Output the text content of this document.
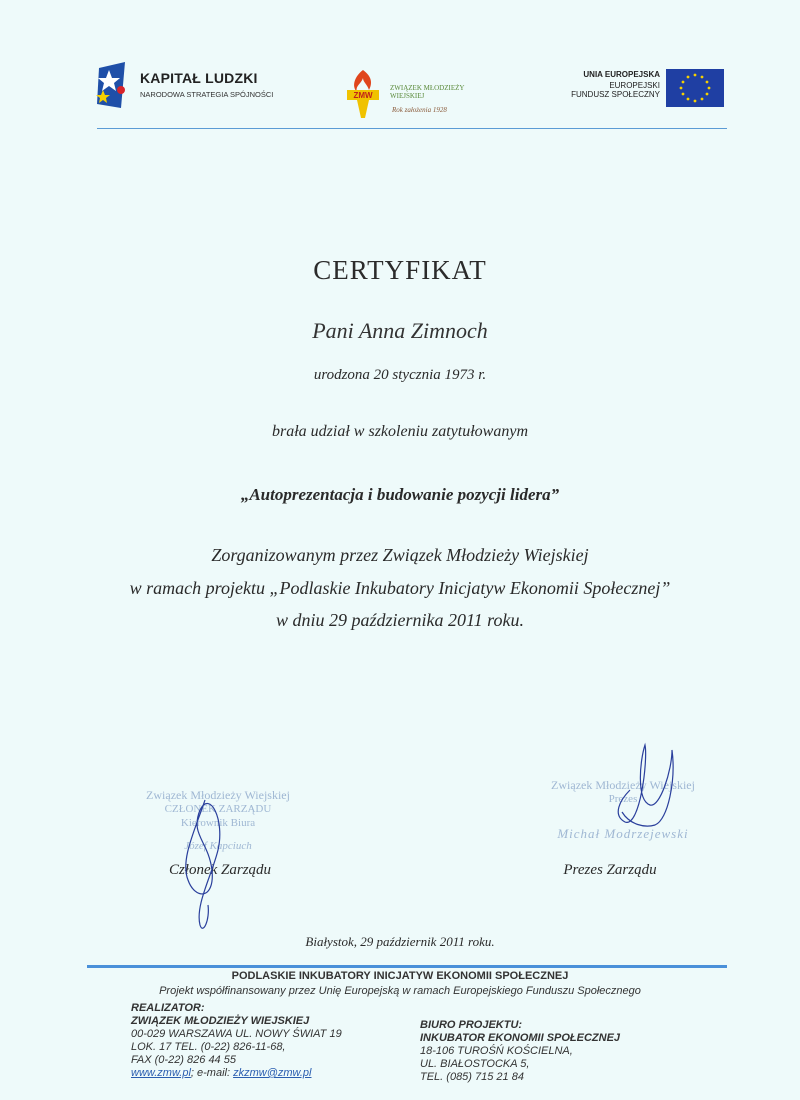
KAPITAŁ LUDZKI
NARODOWA STRATEGIA SPÓJNOŚCI	ZMW
ZWIĄZEK MŁODZIEŻY
WIEJSKIEJ
Rok założenia 1928
UNIA EUROPEJSKA
EUROPEJSKI
FUNDUSZ SPOŁECZNY
CERTYFIKAT
Pani Anna Zimnoch
urodzona 20 stycznia 1973 r.
brała udział w szkoleniu zatytułowanym
„Autoprezentacja i budowanie pozycji lidera”
Zorganizowanym przez Związek Młodzieży Wiejskiej
w ramach projektu „Podlaskie Inkubatory Inicjatyw Ekonomii Społecznej”
w dniu 29 października 2011 roku.
Związek Młodzieży Wiejskiej
CZŁONEK ZARZĄDU
Kierownik Biura
Józef Kapciuch
Członek Zarządu
Związek Młodzieży Wiejskiej
Prezes
Michał Modrzejewski
Prezes Zarządu
Białystok, 29 październik 2011 roku.
PODLASKIE INKUBATORY INICJATYW EKONOMII SPOŁECZNEJ
Projekt współfinansowany przez Unię Europejską w ramach Europejskiego Funduszu Społecznego
REALIZATOR:
ZWIĄZEK MŁODZIEŻY WIEJSKIEJ
00-029 WARSZAWA UL. NOWY ŚWIAT 19 LOK. 17 TEL. (0-22) 826-11-68,
FAX (0-22) 826 44 55
www.zmw.pl; e-mail: zkzmw@zmw.pl
BIURO PROJEKTU:
INKUBATOR EKONOMII SPOŁECZNEJ
18-106 TUROŚŃ KOŚCIELNA,
UL. BIAŁOSTOCKA 5,
TEL. (085) 715 21 84
